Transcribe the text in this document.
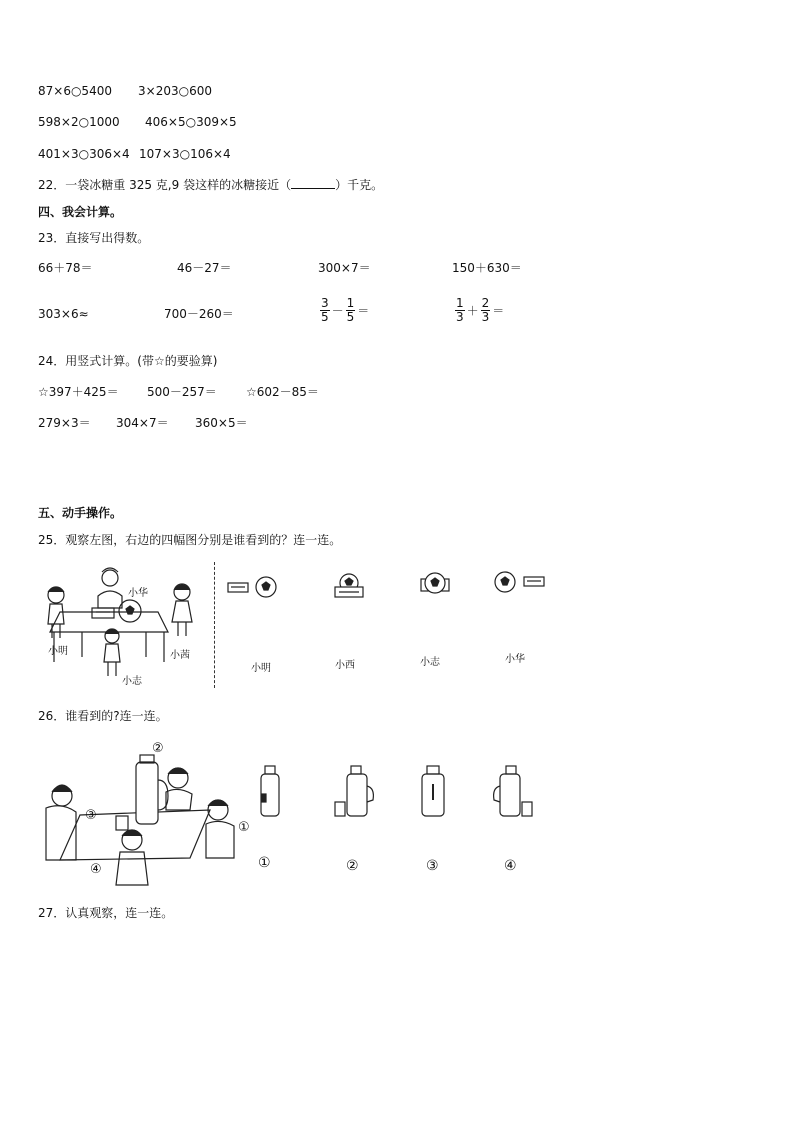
87×6○5400 3×203○600
598×2○1000 406×5○309×5
401×3○306×4 107×3○106×4
22．一袋冰糖重 325 克,9 袋这样的冰糖接近（	）千克。
四、我会计算。
23．直接写出得数。
66＋78＝	46－27＝	300×7＝	150＋630＝
303×6≈	700－260＝	$\frac{3}{5} - \frac{1}{5}$ ＝	$\frac{1}{3} + \frac{2}{3}$ ＝
24．用竖式计算。(带☆的要验算)
☆397＋425＝ 500－257＝ ☆602－85＝
279×3＝ 304×7＝ 360×5＝
五、动手操作。
25．观察左图，右边的四幅图分别是谁看到的？连一连。
小华
小明	小茜
小志
小明	小西	小志	小华
26．谁看到的?连一连。
②
③
①
④	①	②	③	④
27．认真观察，连一连。
